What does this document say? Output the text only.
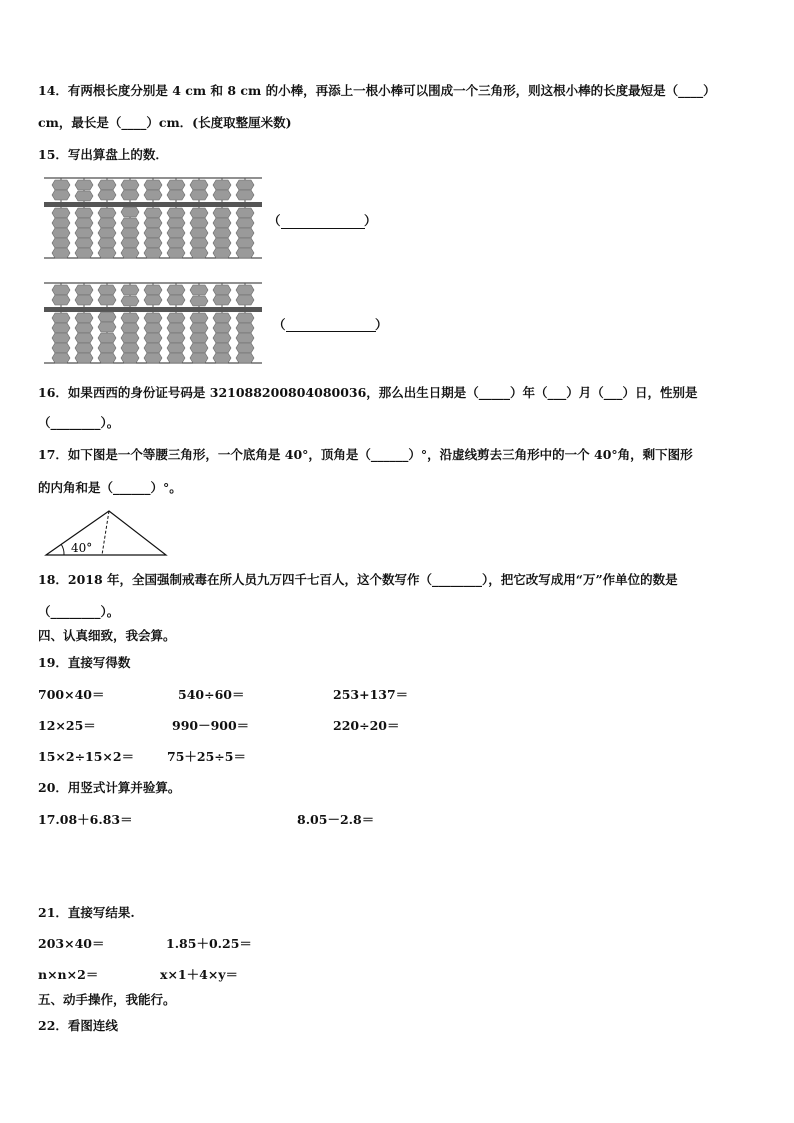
14．有两根长度分别是 4 cm 和 8 cm 的小棒，再添上一根小棒可以围成一个三角形，则这根小棒的长度最短是（____）
cm，最长是（____）cm．(长度取整厘米数)
15．写出算盘上的数．
（	）
（	）
16．如果西西的身份证号码是 321088200804080036，那么出生日期是（_____）年（___）月（___）日，性别是
（________）。
17．如下图是一个等腰三角形，一个底角是 40°，顶角是（______）°，沿虚线剪去三角形中的一个 40°角，剩下图形
的内角和是（______）°。
40°
18．2018 年，全国强制戒毒在所人员九万四千七百人，这个数写作（________），把它改写成用“万”作单位的数是
（________）。
四、认真细致，我会算。
19．直接写得数
700×40＝	540÷60＝	253+137＝
12×25＝	990－900＝	220÷20＝
15×2÷15×2＝	75＋25÷5＝
20．用竖式计算并验算。
17.08＋6.83＝	8.05－2.8＝
21．直接写结果.
203×40＝	1.85＋0.25＝
n×n×2＝	x×1＋4×y＝
五、动手操作，我能行。
22．看图连线
